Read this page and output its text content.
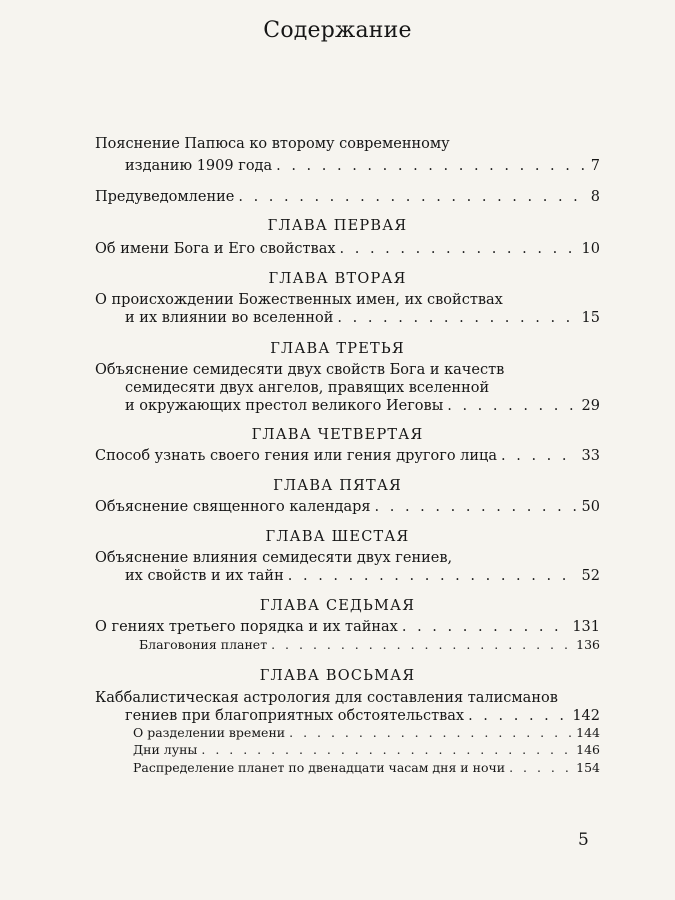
Содержание
Пояснение Папюса ко второму современному
изданию 1909 года . . .	7
Предуведомление . . .	8
ГЛАВА ПЕРВАЯ
Об имени Бога и Его свойствах . . .	10
ГЛАВА ВТОРАЯ
О происхождении Божественных имен, их свойствах
и их влиянии во вселенной . . .	15
ГЛАВА ТРЕТЬЯ
Объяснение семидесяти двух свойств Бога и качеств
семидесяти двух ангелов, правящих вселенной
и окружающих престол великого Иеговы . . .	29
ГЛАВА ЧЕТВЕРТАЯ
Способ узнать своего гения или гения другого лица . . .	33
ГЛАВА ПЯТАЯ
Объяснение священного календаря . . .	50
ГЛАВА ШЕСТАЯ
Объяснение влияния семидесяти двух гениев,
их свойств и их тайн . . .	52
ГЛАВА СЕДЬМАЯ
О гениях третьего порядка и их тайнах . . .	131
Благовония планет . . .	136
ГЛАВА ВОСЬМАЯ
Каббалистическая астрология для составления талисманов
гениев при благоприятных обстоятельствах . . .	142
О разделении времени . . .	144
Дни луны . . .	146
Распределение планет по двенадцати часам дня и ночи . . .	154
5
